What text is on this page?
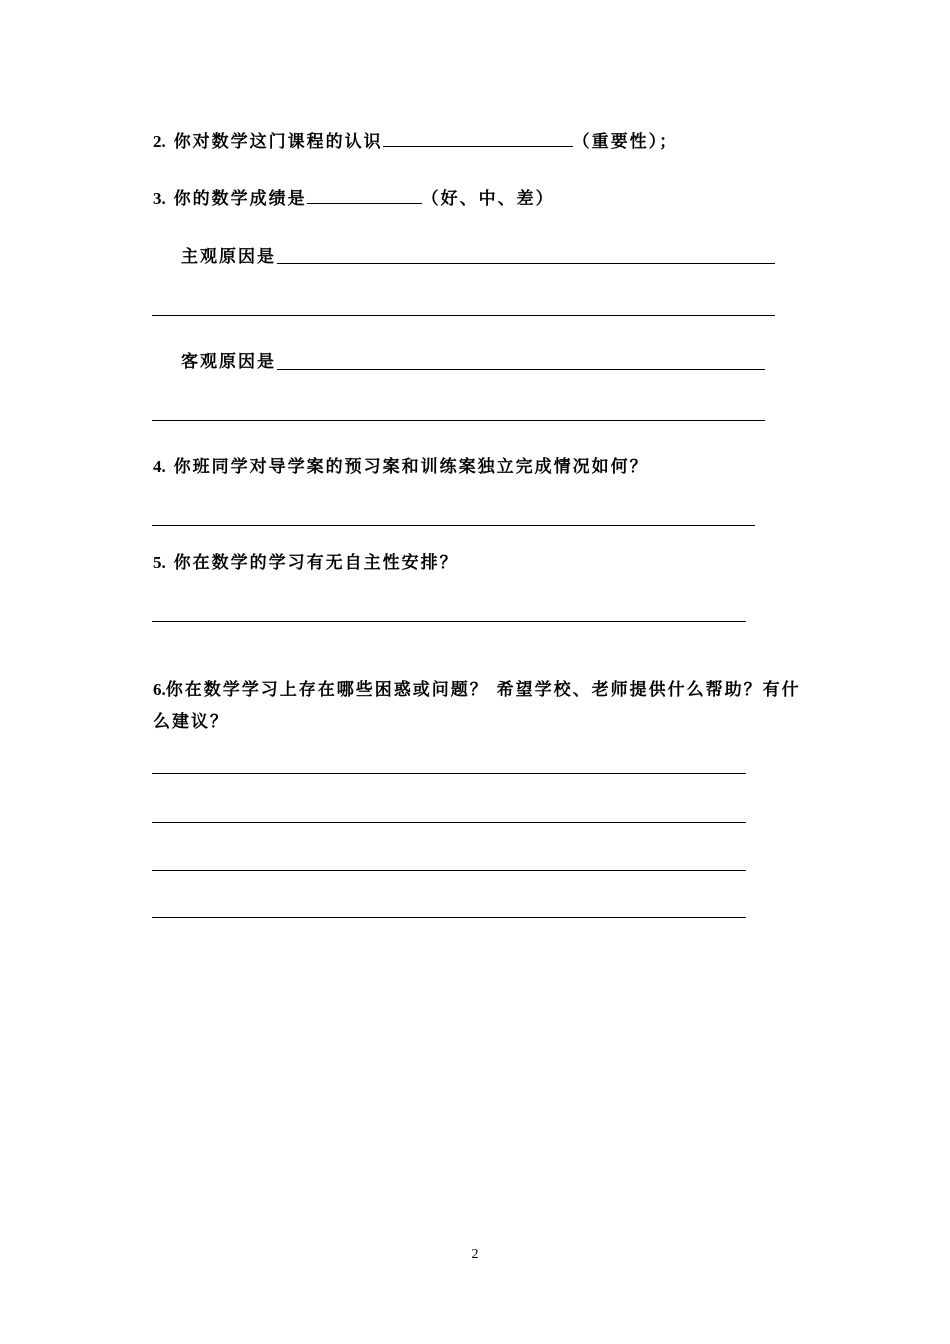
2. 你对数学这门课程的认识	（重要性）；
3. 你的数学成绩是	（好、中、差）
主观原因是
客观原因是
4. 你班同学对导学案的预习案和训练案独立完成情况如何？
5. 你在数学的学习有无自主性安排？
6.你在数学学习上存在哪些困惑或问题？ 希望学校、老师提供什么帮助？有什么建议？
2
